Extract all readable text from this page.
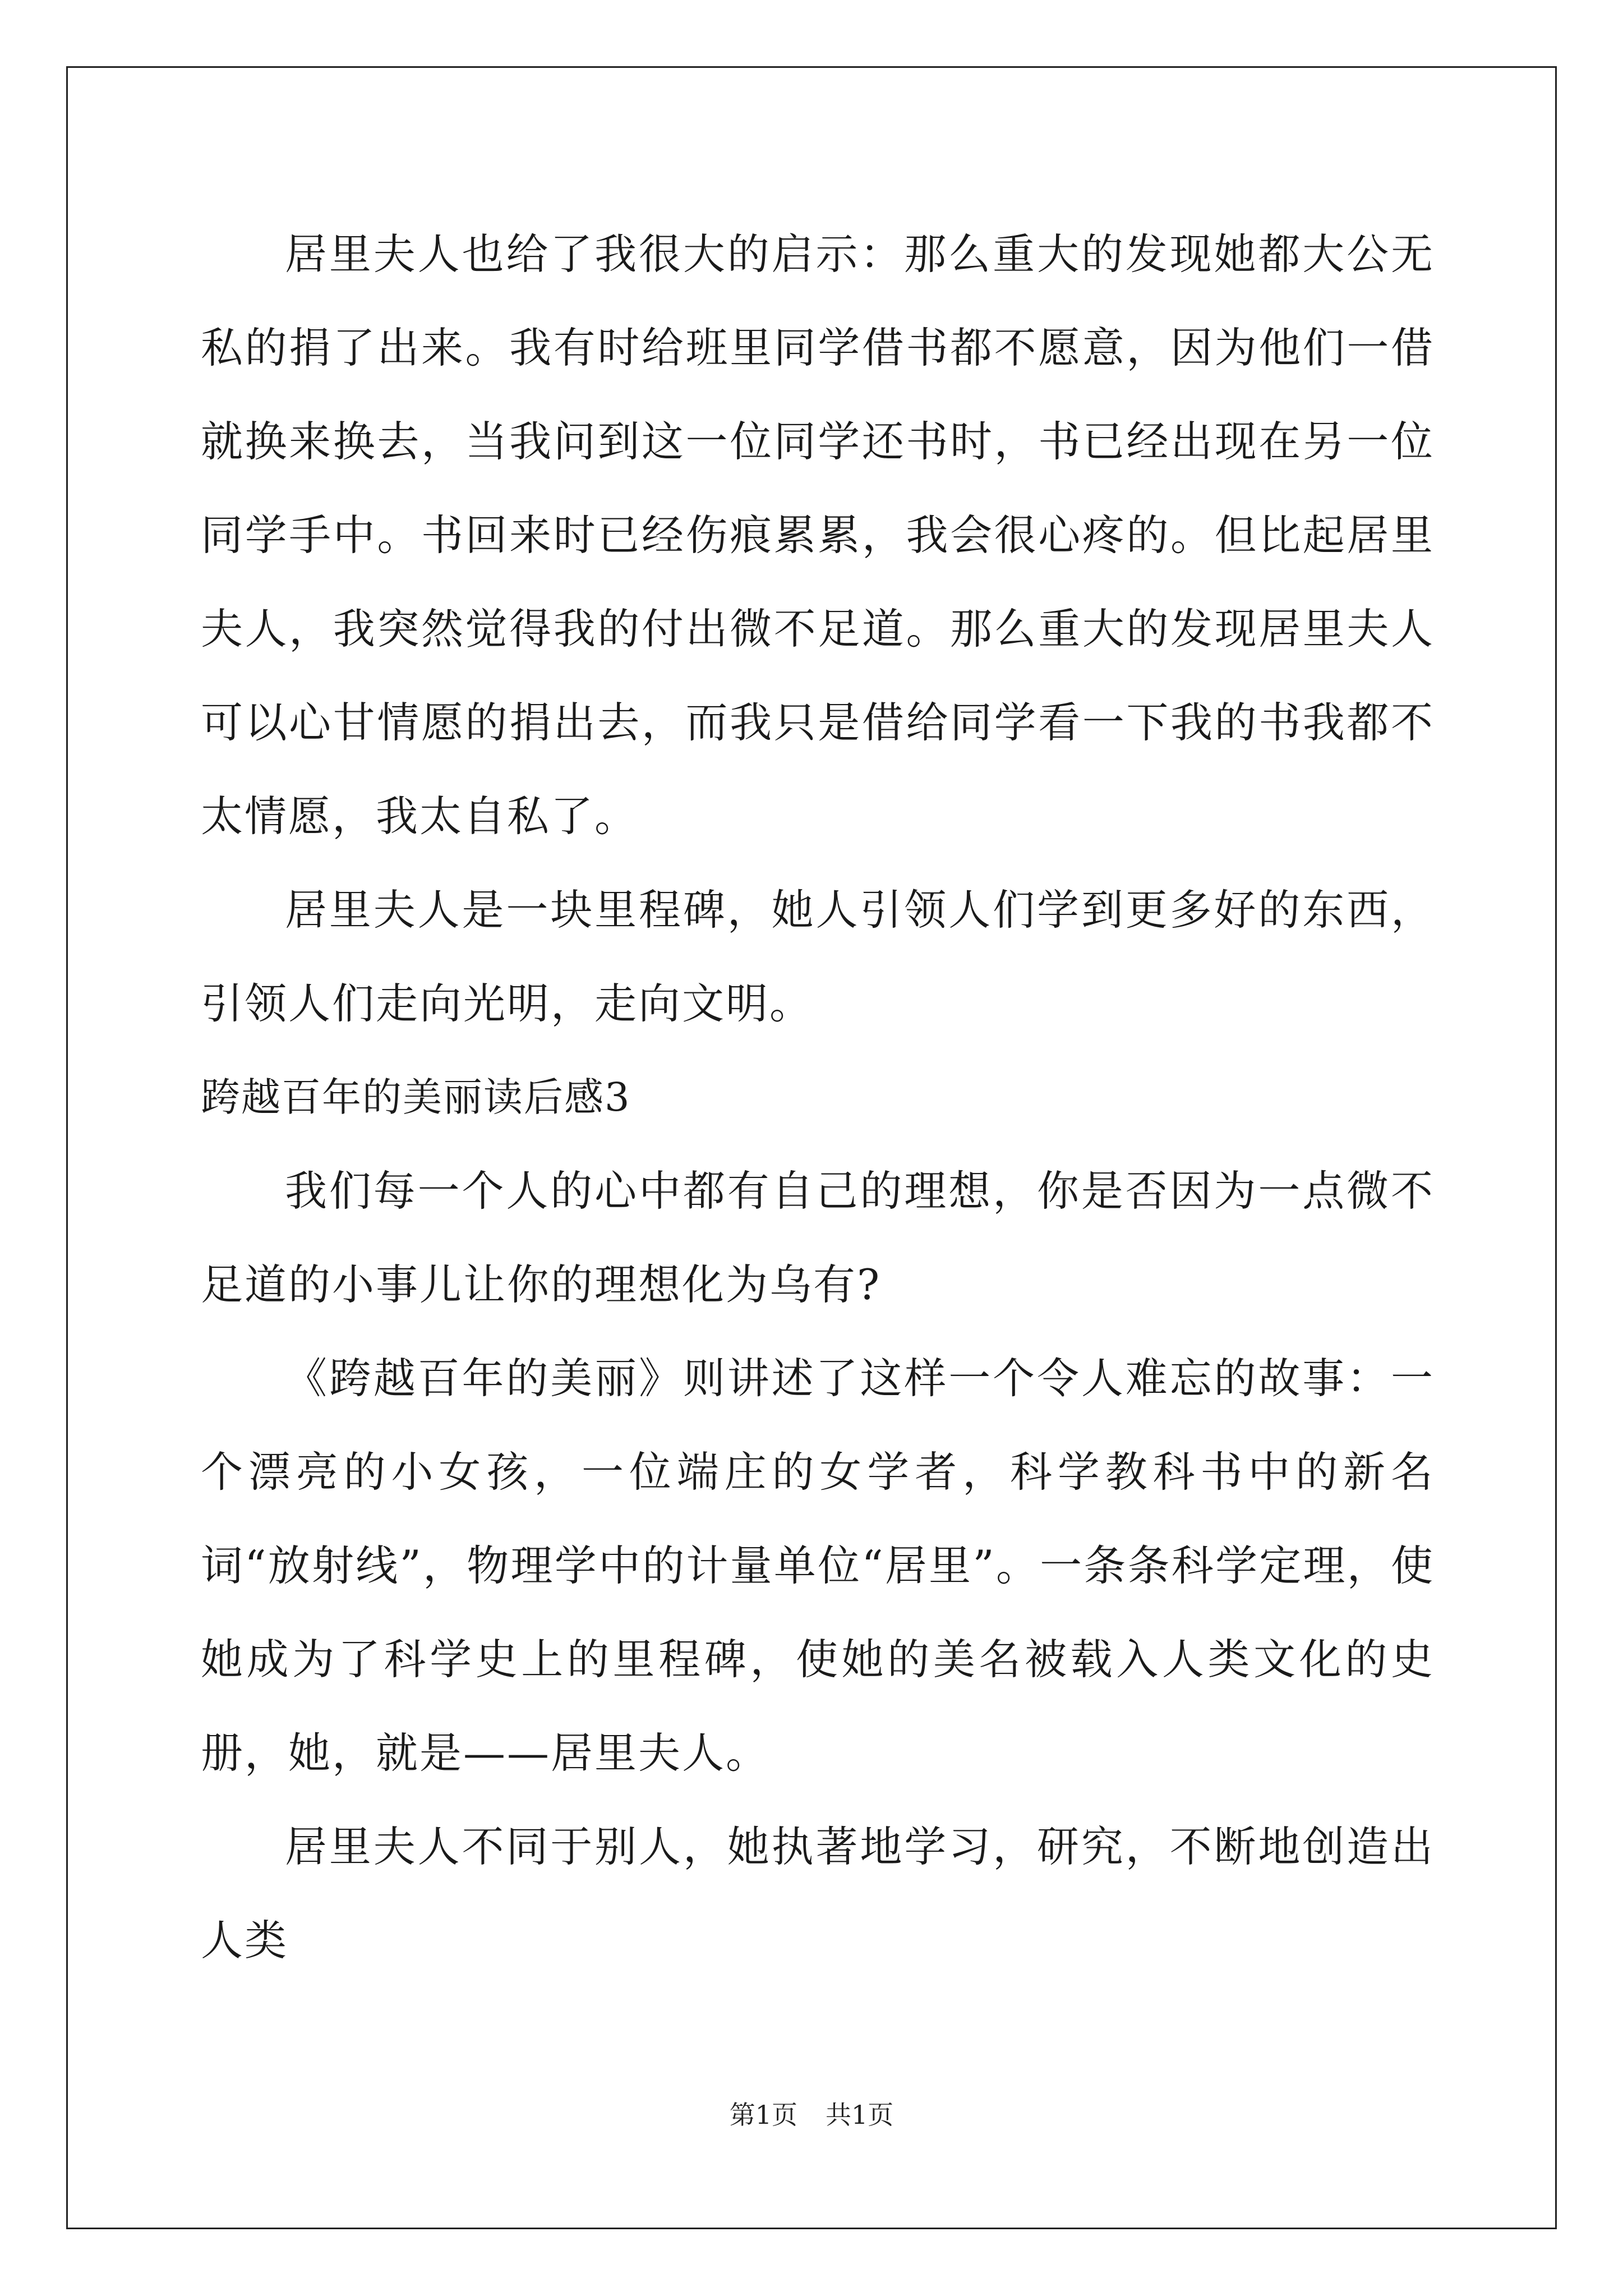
居里夫人也给了我很大的启示：那么重大的发现她都大公无私的捐了出来。我有时给班里同学借书都不愿意，因为他们一借就换来换去，当我问到这一位同学还书时，书已经出现在另一位同学手中。书回来时已经伤痕累累，我会很心疼的。但比起居里夫人，我突然觉得我的付出微不足道。那么重大的发现居里夫人可以心甘情愿的捐出去，而我只是借给同学看一下我的书我都不太情愿，我太自私了。

居里夫人是一块里程碑，她人引领人们学到更多好的东西，引领人们走向光明，走向文明。

跨越百年的美丽读后感3

我们每一个人的心中都有自己的理想，你是否因为一点微不足道的小事儿让你的理想化为乌有?

《跨越百年的美丽》则讲述了这样一个令人难忘的故事：一个漂亮的小女孩，一位端庄的女学者，科学教科书中的新名词“放射线”，物理学中的计量单位“居里”。一条条科学定理，使她成为了科学史上的里程碑，使她的美名被载入人类文化的史册，她，就是——居里夫人。

居里夫人不同于别人，她执著地学习，研究，不断地创造出人类

第1页 共1页
